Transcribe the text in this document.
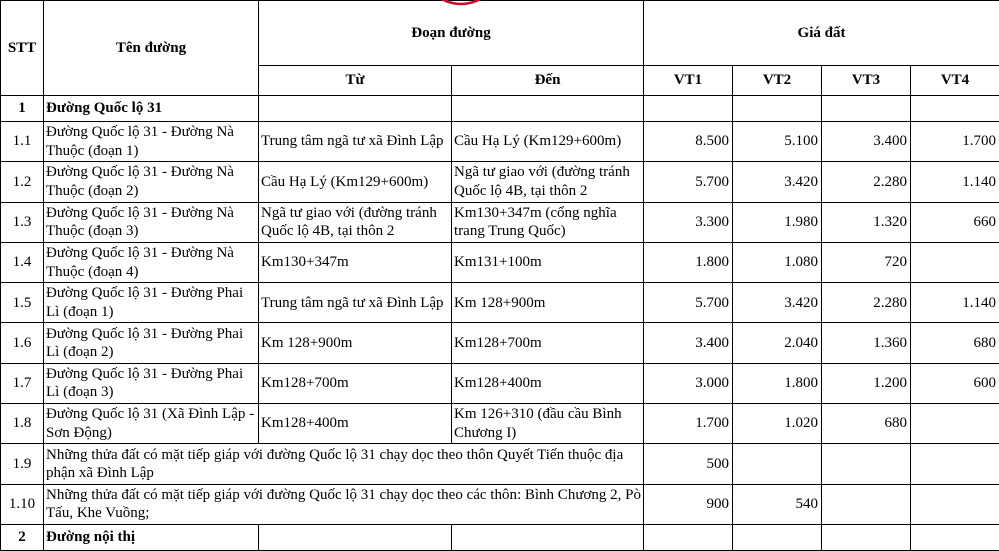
STT	Tên đường	Đoạn đường		Giá đất			
		Từ	Đến	VT1	VT2	VT3	VT4
1	Đường Quốc lộ 31						
1.1	Đường Quốc lộ 31 - Đường Nà Thuộc (đoạn 1)	Trung tâm ngã tư xã Đình Lập	Cầu Hạ Lý (Km129+600m)	8.500	5.100	3.400	1.700
1.2	Đường Quốc lộ 31 - Đường Nà Thuộc (đoạn 2)	Cầu Hạ Lý (Km129+600m)	Ngã tư giao với (đường tránh Quốc lộ 4B, tại thôn 2	5.700	3.420	2.280	1.140
1.3	Đường Quốc lộ 31 - Đường Nà Thuộc (đoạn 3)	Ngã tư giao với (đường tránh Quốc lộ 4B, tại thôn 2	Km130+347m (cổng nghĩa trang Trung Quốc)	3.300	1.980	1.320	660
1.4	Đường Quốc lộ 31 - Đường Nà Thuộc (đoạn 4)	Km130+347m	Km131+100m	1.800	1.080	720	
1.5	Đường Quốc lộ 31 - Đường Phai Lì (đoạn 1)	Trung tâm ngã tư xã Đình Lập	Km 128+900m	5.700	3.420	2.280	1.140
1.6	Đường Quốc lộ 31 - Đường Phai Lì (đoạn 2)	Km 128+900m	Km128+700m	3.400	2.040	1.360	680
1.7	Đường Quốc lộ 31 - Đường Phai Lì (đoạn 3)	Km128+700m	Km128+400m	3.000	1.800	1.200	600
1.8	Đường Quốc lộ 31 (Xã Đình Lập - Sơn Động)	Km128+400m	Km 126+310 (đầu cầu Bình Chương I)	1.700	1.020	680	
1.9	Những thửa đất có mặt tiếp giáp với đường Quốc lộ 31 chạy dọc theo thôn Quyết Tiến thuộc địa phận xã Đình Lập			500			
1.10	Những thửa đất có mặt tiếp giáp với đường Quốc lộ 31 chạy dọc theo các thôn: Bình Chương 2, Pò Tấu, Khe Vuồng;			900	540		
2	Đường nội thị						
